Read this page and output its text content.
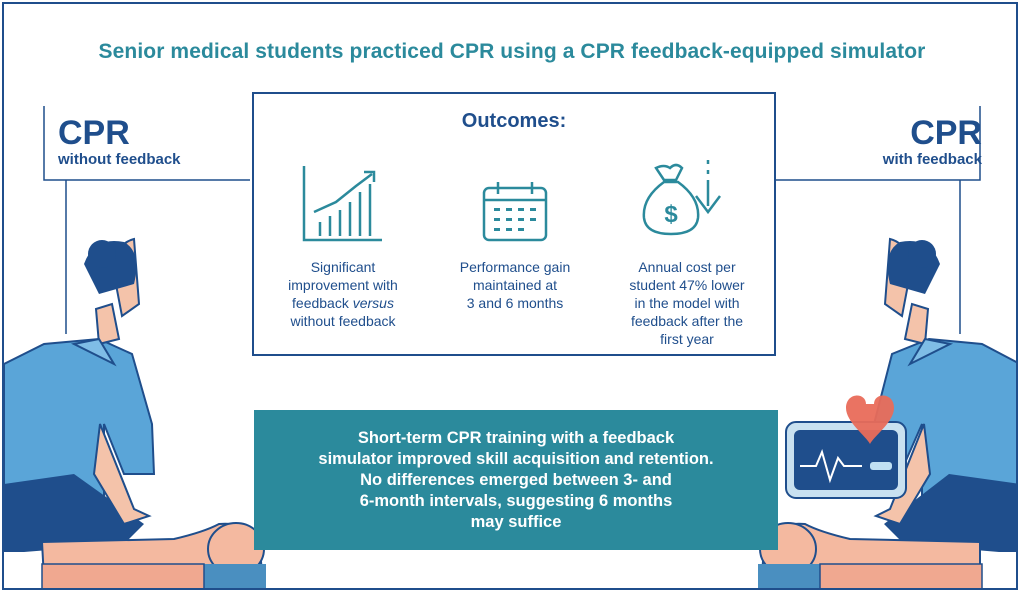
Senior medical students practiced CPR using a CPR feedback-equipped simulator
CPR
without feedback
CPR
with feedback
Outcomes:
Significant
improvement with
feedback versus
without feedback
Performance gain
maintained at
3 and 6 months
$
Annual cost per
student 47% lower
in the model with
feedback after the
first year
Short-term CPR training with a feedback
simulator improved skill acquisition and retention.
No differences emerged between 3- and
6-month intervals, suggesting 6 months
may suffice
